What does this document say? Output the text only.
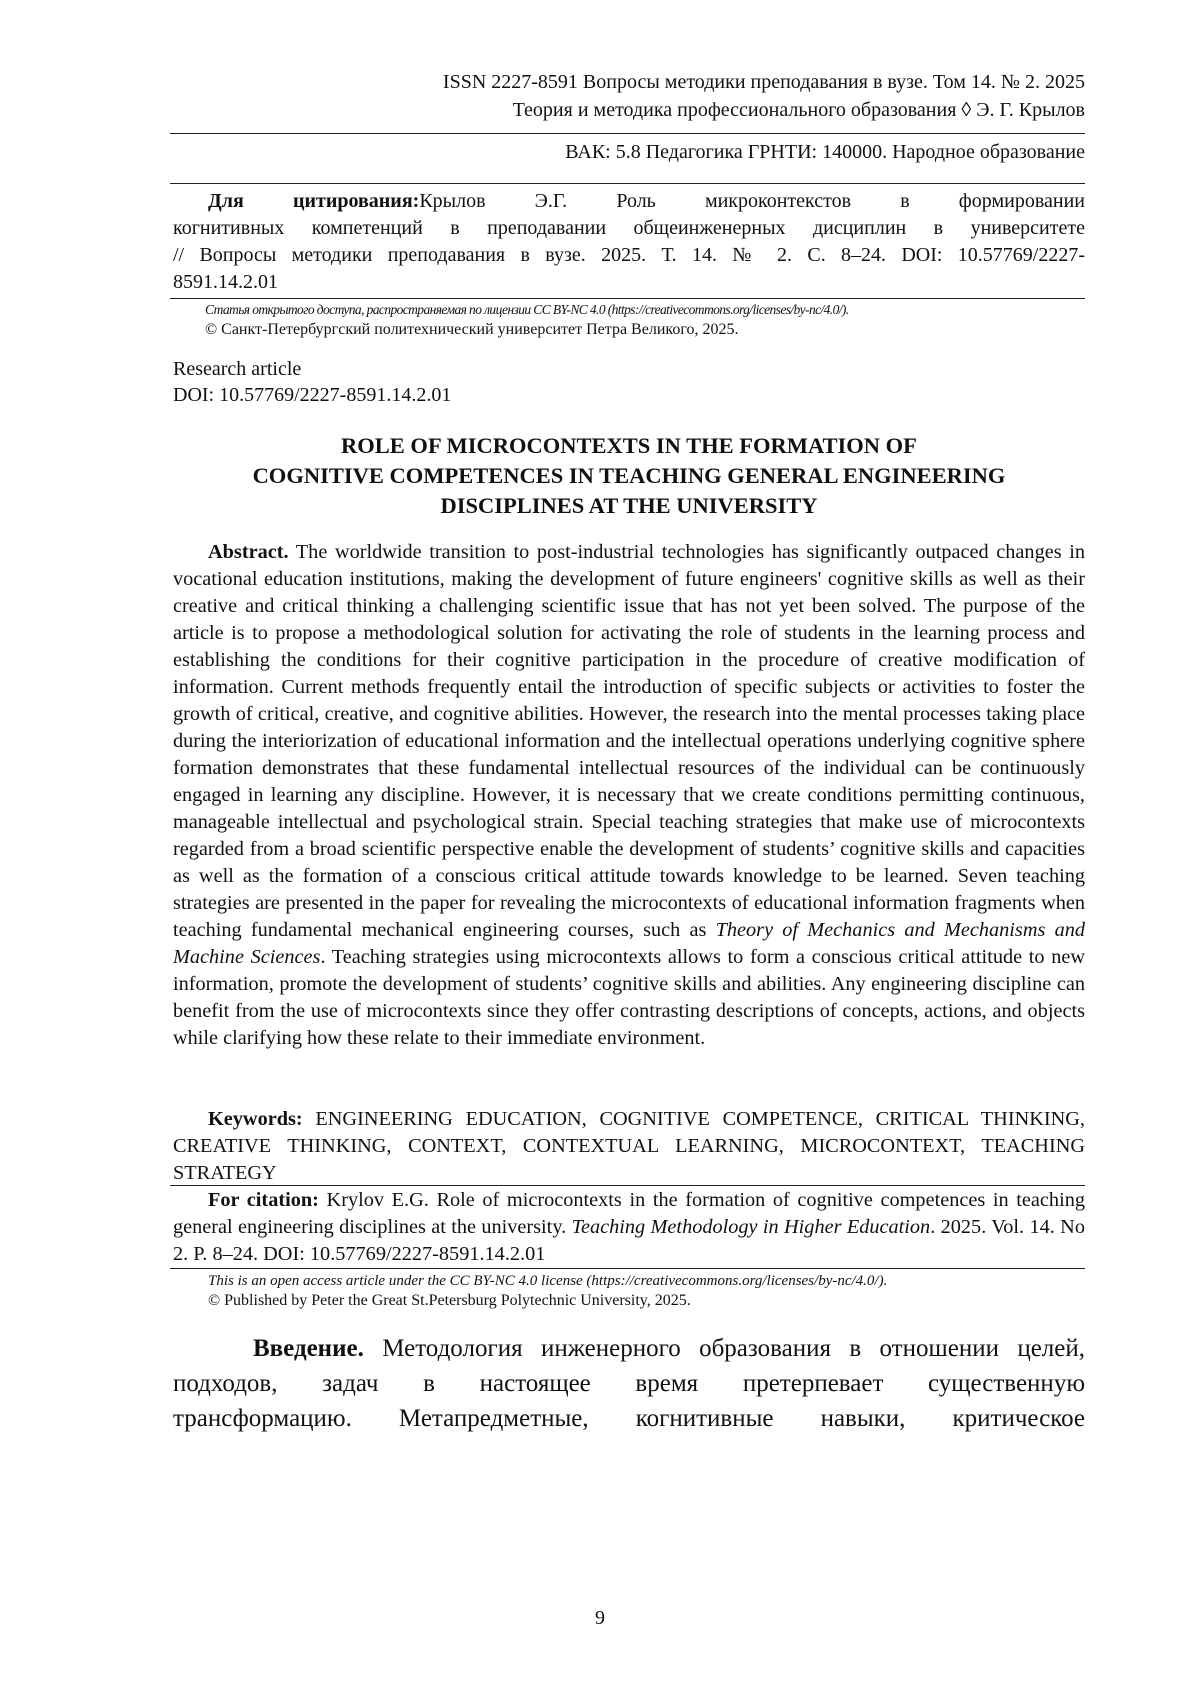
ISSN 2227-8591 Вопросы методики преподавания в вузе. Том 14. № 2. 2025
Теория и методика профессионального образования ◊ Э. Г. Крылов
ВАК: 5.8 Педагогика ГРНТИ: 140000. Народное образование
Для цитирования:Крылов Э.Г. Роль микроконтекстов в формировании
когнитивных компетенций в преподавании общеинженерных дисциплин в университете
// Вопросы методики преподавания в вузе. 2025. Т. 14. № 2. С. 8–24. DOI: 10.57769/2227-
8591.14.2.01
Статья открытого доступа, распространяемая по лицензии CC BY-NC 4.0 (https://creativecommons.org/licenses/by-nc/4.0/).
© Санкт-Петербургский политехнический университет Петра Великого, 2025.
Research article
DOI: 10.57769/2227-8591.14.2.01
ROLE OF MICROCONTEXTS IN THE FORMATION OF
COGNITIVE COMPETENCES IN TEACHING GENERAL ENGINEERING
DISCIPLINES AT THE UNIVERSITY
Abstract. The worldwide transition to post-industrial technologies has significantly outpaced changes in vocational education institutions, making the development of future engineers' cognitive skills as well as their creative and critical thinking a challenging scientific issue that has not yet been solved. The purpose of the article is to propose a methodological solution for activating the role of students in the learning process and establishing the conditions for their cognitive participation in the procedure of creative modification of information. Current methods frequently entail the introduction of specific subjects or activities to foster the growth of critical, creative, and cognitive abilities. However, the research into the mental processes taking place during the interiorization of educational information and the intellectual operations underlying cognitive sphere formation demonstrates that these fundamental intellectual resources of the individual can be continuously engaged in learning any discipline. However, it is necessary that we create conditions permitting continuous, manageable intellectual and psychological strain. Special teaching strategies that make use of microcontexts regarded from a broad scientific perspective enable the development of students’ cognitive skills and capacities as well as the formation of a conscious critical attitude towards knowledge to be learned. Seven teaching strategies are presented in the paper for revealing the microcontexts of educational information fragments when teaching fundamental mechanical engineering courses, such as Theory of Mechanics and Mechanisms and Machine Sciences. Teaching strategies using microcontexts allows to form a conscious critical attitude to new information, promote the development of students’ cognitive skills and abilities. Any engineering discipline can benefit from the use of microcontexts since they offer contrasting descriptions of concepts, actions, and objects while clarifying how these relate to their immediate environment.
Keywords: ENGINEERING EDUCATION, COGNITIVE COMPETENCE, CRITICAL THINKING, CREATIVE THINKING, CONTEXT, CONTEXTUAL LEARNING, MICROCONTEXT, TEACHING STRATEGY
For citation: Krylov E.G. Role of microcontexts in the formation of cognitive competences in teaching general engineering disciplines at the university. Teaching Methodology in Higher Education. 2025. Vol. 14. No 2. P. 8–24. DOI: 10.57769/2227-8591.14.2.01
This is an open access article under the CC BY-NC 4.0 license (https://creativecommons.org/licenses/by-nc/4.0/).
© Published by Peter the Great St.Petersburg Polytechnic University, 2025.
Введение. Методология инженерного образования в отношении целей,
подходов, задач в настоящее время претерпевает существенную
трансформацию. Метапредметные, когнитивные навыки, критическое
9
